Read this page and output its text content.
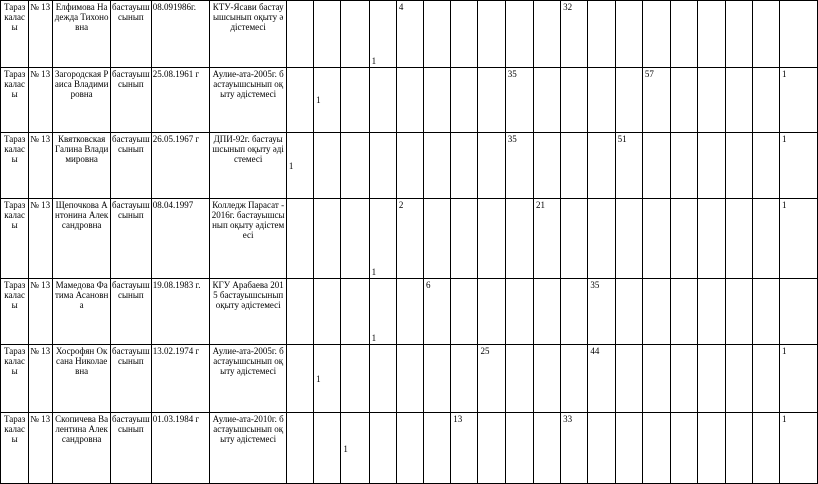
Таразкаласы	№ 13	Елфимова Надежда Тихоновна	бастауышсынып	08.091986г.	КТУ-Ясави бастауышсынып оқыту әдістемесі				1	4						32								
Таразкаласы	№ 13	Загородская Раиса Владимировна	бастауышсынып	25.08.1961 г	Аулие-ата-2005г. бастауышсынып оқыту әдістемесі		1							35					57					1
Таразкаласы	№ 13	Квятковская Галина Владимировна	бастауышсынып	26.05.1967 г	ДПИ-92г. бастауышсынып оқыту әдістемесі	1								35				51						1
Таразкаласы	№ 13	Щепочкова Антонина Александровна	бастауышсынып	08.04.1997	Колледж Парасат - 2016г. бастауышсынып оқыту әдістемесі				1	2					21									1
Таразкаласы	№ 13	Мамедова Фатима Асановна	бастауышсынып	19.08.1983 г.	КГУ Арабаева 2015 бастауышсынып оқыту әдістемесі				1		6						35							
Таразкаласы	№ 13	Хосрофян Оксана Николаевна	бастауышсынып	13.02.1974 г	Аулие-ата-2005г. бастауышсынып оқыту әдістемесі		1						25				44							1
Таразкаласы	№ 13	Скопичева Валентина Александровна	бастауышсынып	01.03.1984 г	Аулие-ата-2010г. бастауышсынып оқыту әдістемесі			1				13				33								1
